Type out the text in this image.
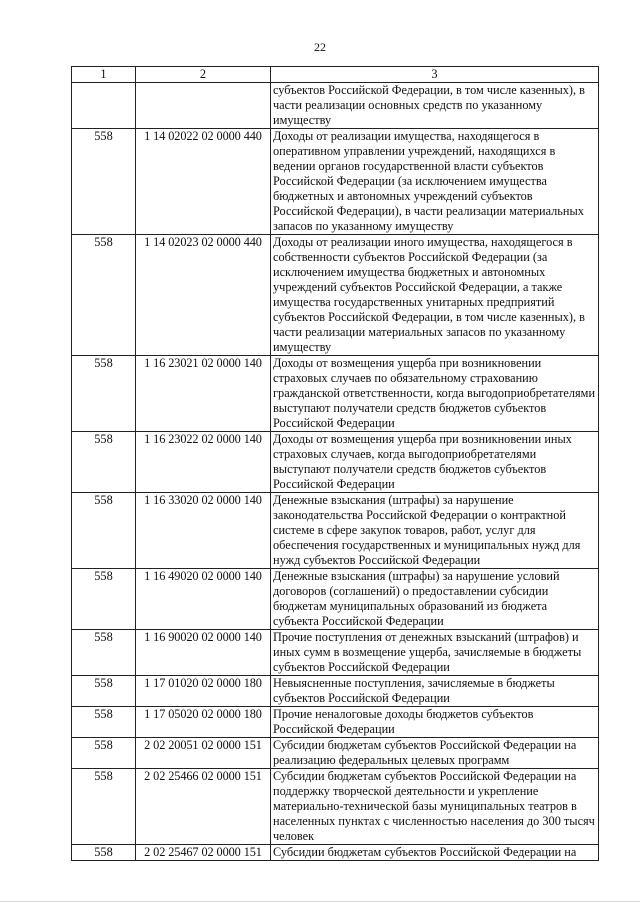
22
1	2	3
		субъектов Российской Федерации, в том числе казенных), в части реализации основных средств по указанному имуществу
558	1 14 02022 02 0000 440	Доходы от реализации имущества, находящегося в оперативном управлении учреждений, находящихся в ведении органов государственной власти субъектов Российской Федерации (за исключением имущества бюджетных и автономных учреждений субъектов Российской Федерации), в части реализации материальных запасов по указанному имуществу
558	1 14 02023 02 0000 440	Доходы от реализации иного имущества, находящегося в собственности субъектов Российской Федерации (за исключением имущества бюджетных и автономных учреждений субъектов Российской Федерации, а также имущества государственных унитарных предприятий субъектов Российской Федерации, в том числе казенных), в части реализации материальных запасов по указанному имуществу
558	1 16 23021 02 0000 140	Доходы от возмещения ущерба при возникновении страховых случаев по обязательному страхованию гражданской ответственности, когда выгодоприобретателями выступают получатели средств бюджетов субъектов Российской Федерации
558	1 16 23022 02 0000 140	Доходы от возмещения ущерба при возникновении иных страховых случаев, когда выгодоприобретателями выступают получатели средств бюджетов субъектов Российской Федерации
558	1 16 33020 02 0000 140	Денежные взыскания (штрафы) за нарушение законодательства Российской Федерации о контрактной системе в сфере закупок товаров, работ, услуг для обеспечения государственных и муниципальных нужд для нужд субъектов Российской Федерации
558	1 16 49020 02 0000 140	Денежные взыскания (штрафы) за нарушение условий договоров (соглашений) о предоставлении субсидии бюджетам муниципальных образований из бюджета субъекта Российской Федерации
558	1 16 90020 02 0000 140	Прочие поступления от денежных взысканий (штрафов) и иных сумм в возмещение ущерба, зачисляемые в бюджеты субъектов Российской Федерации
558	1 17 01020 02 0000 180	Невыясненные поступления, зачисляемые в бюджеты субъектов Российской Федерации
558	1 17 05020 02 0000 180	Прочие неналоговые доходы бюджетов субъектов Российской Федерации
558	2 02 20051 02 0000 151	Субсидии бюджетам субъектов Российской Федерации на реализацию федеральных целевых программ
558	2 02 25466 02 0000 151	Субсидии бюджетам субъектов Российской Федерации на поддержку творческой деятельности и укрепление материально-технической базы муниципальных театров в населенных пунктах с численностью населения до 300 тысяч человек
558	2 02 25467 02 0000 151	Субсидии бюджетам субъектов Российской Федерации на
